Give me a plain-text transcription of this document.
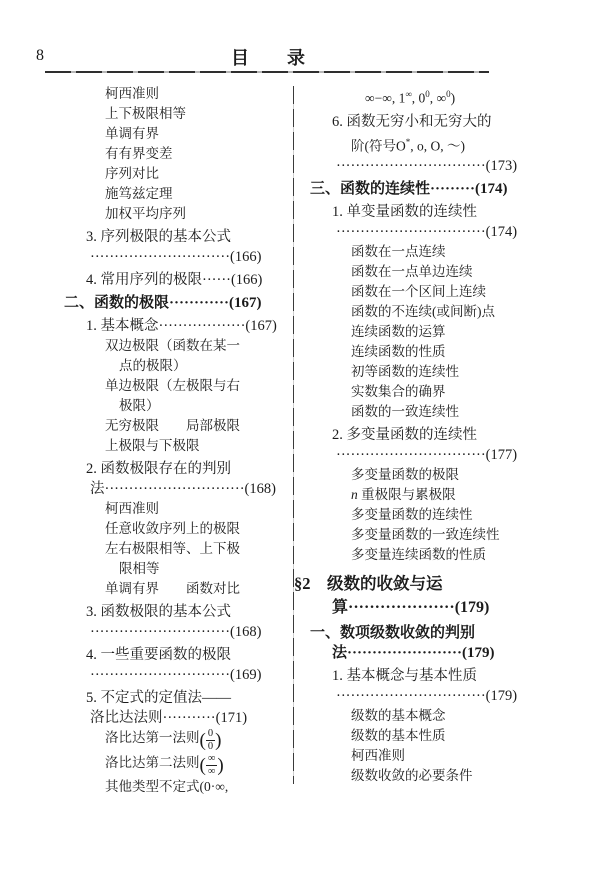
8	目　录
柯西准则
上下极限相等
单调有界
有有界变差
序列对比
施笃兹定理
加权平均序列
3. 序列极限的基本公式
·····························(166)
4. 常用序列的极限······(166)
二、函数的极限············(167)
1. 基本概念··················(167)
双边极限（函数在某一
点的极限）
单边极限（左极限与右
极限）
无穷极限　　局部极限
上极限与下极限
2. 函数极限存在的判别
法·····························(168)
柯西准则
任意收敛序列上的极限
左右极限相等、上下极
限相等
单调有界　　函数对比
3. 函数极限的基本公式
·····························(168)
4. 一些重要函数的极限
·····························(169)
5. 不定式的定值法——
洛比达法则···········(171)
洛比达第一法则( $\frac{0}{0}$ )
洛比达第二法则( $\frac{\infty}{\infty}$ )
其他类型不定式(0·∞,
∞−∞, 1∞, $0^0$, ∞$^0$)
6. 函数无穷小和无穷大的
阶(符号O*, o, O, ～)
·······························(173)
三、函数的连续性·········(174)
1. 单变量函数的连续性
·······························(174)
函数在一点连续
函数在一点单边连续
函数在一个区间上连续
函数的不连续(或间断)点
连续函数的运算
连续函数的性质
初等函数的连续性
实数集合的确界
函数的一致连续性
2. 多变量函数的连续性
·······························(177)
多变量函数的极限
n 重极限与累极限
多变量函数的连续性
多变量函数的一致连续性
多变量连续函数的性质
§2　级数的收敛与运
算····················(179)
一、数项级数收敛的判别
法·······················(179)
1. 基本概念与基本性质
·······························(179)
级数的基本概念
级数的基本性质
柯西准则
级数收敛的必要条件
